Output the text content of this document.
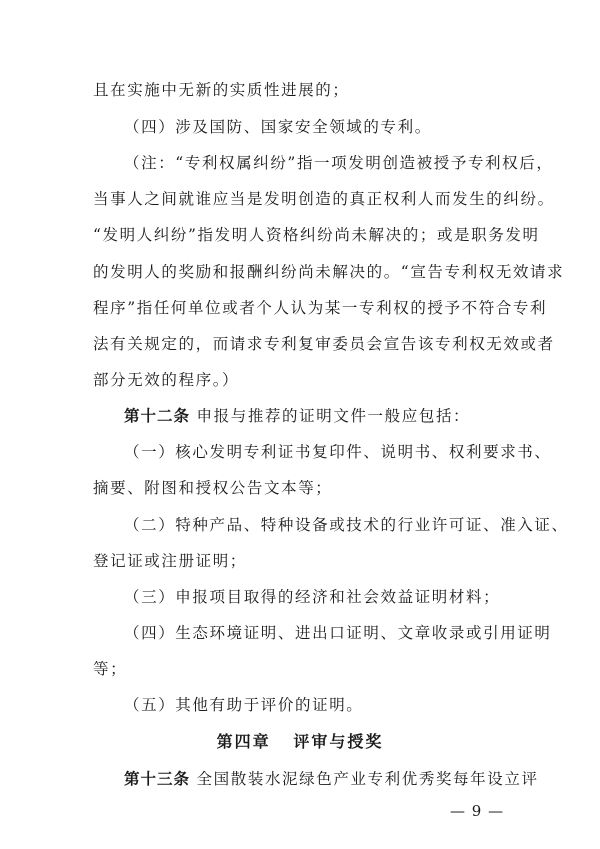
且在实施中无新的实质性进展的；
（四）涉及国防、国家安全领域的专利。
（注：“专利权属纠纷”指一项发明创造被授予专利权后，
当事人之间就谁应当是发明创造的真正权利人而发生的纠纷。
“发明人纠纷”指发明人资格纠纷尚未解决的；或是职务发明
的发明人的奖励和报酬纠纷尚未解决的。“宣告专利权无效请求
程序”指任何单位或者个人认为某一专利权的授予不符合专利
法有关规定的，而请求专利复审委员会宣告该专利权无效或者
部分无效的程序。）
第十二条 申报与推荐的证明文件一般应包括：
（一）核心发明专利证书复印件、说明书、权利要求书、
摘要、附图和授权公告文本等；
（二）特种产品、特种设备或技术的行业许可证、准入证、
登记证或注册证明；
（三）申报项目取得的经济和社会效益证明材料；
（四）生态环境证明、进出口证明、文章收录或引用证明
等；
（五）其他有助于评价的证明。
第四章   评审与授奖
第十三条 全国散装水泥绿色产业专利优秀奖每年设立评
— 9 —
